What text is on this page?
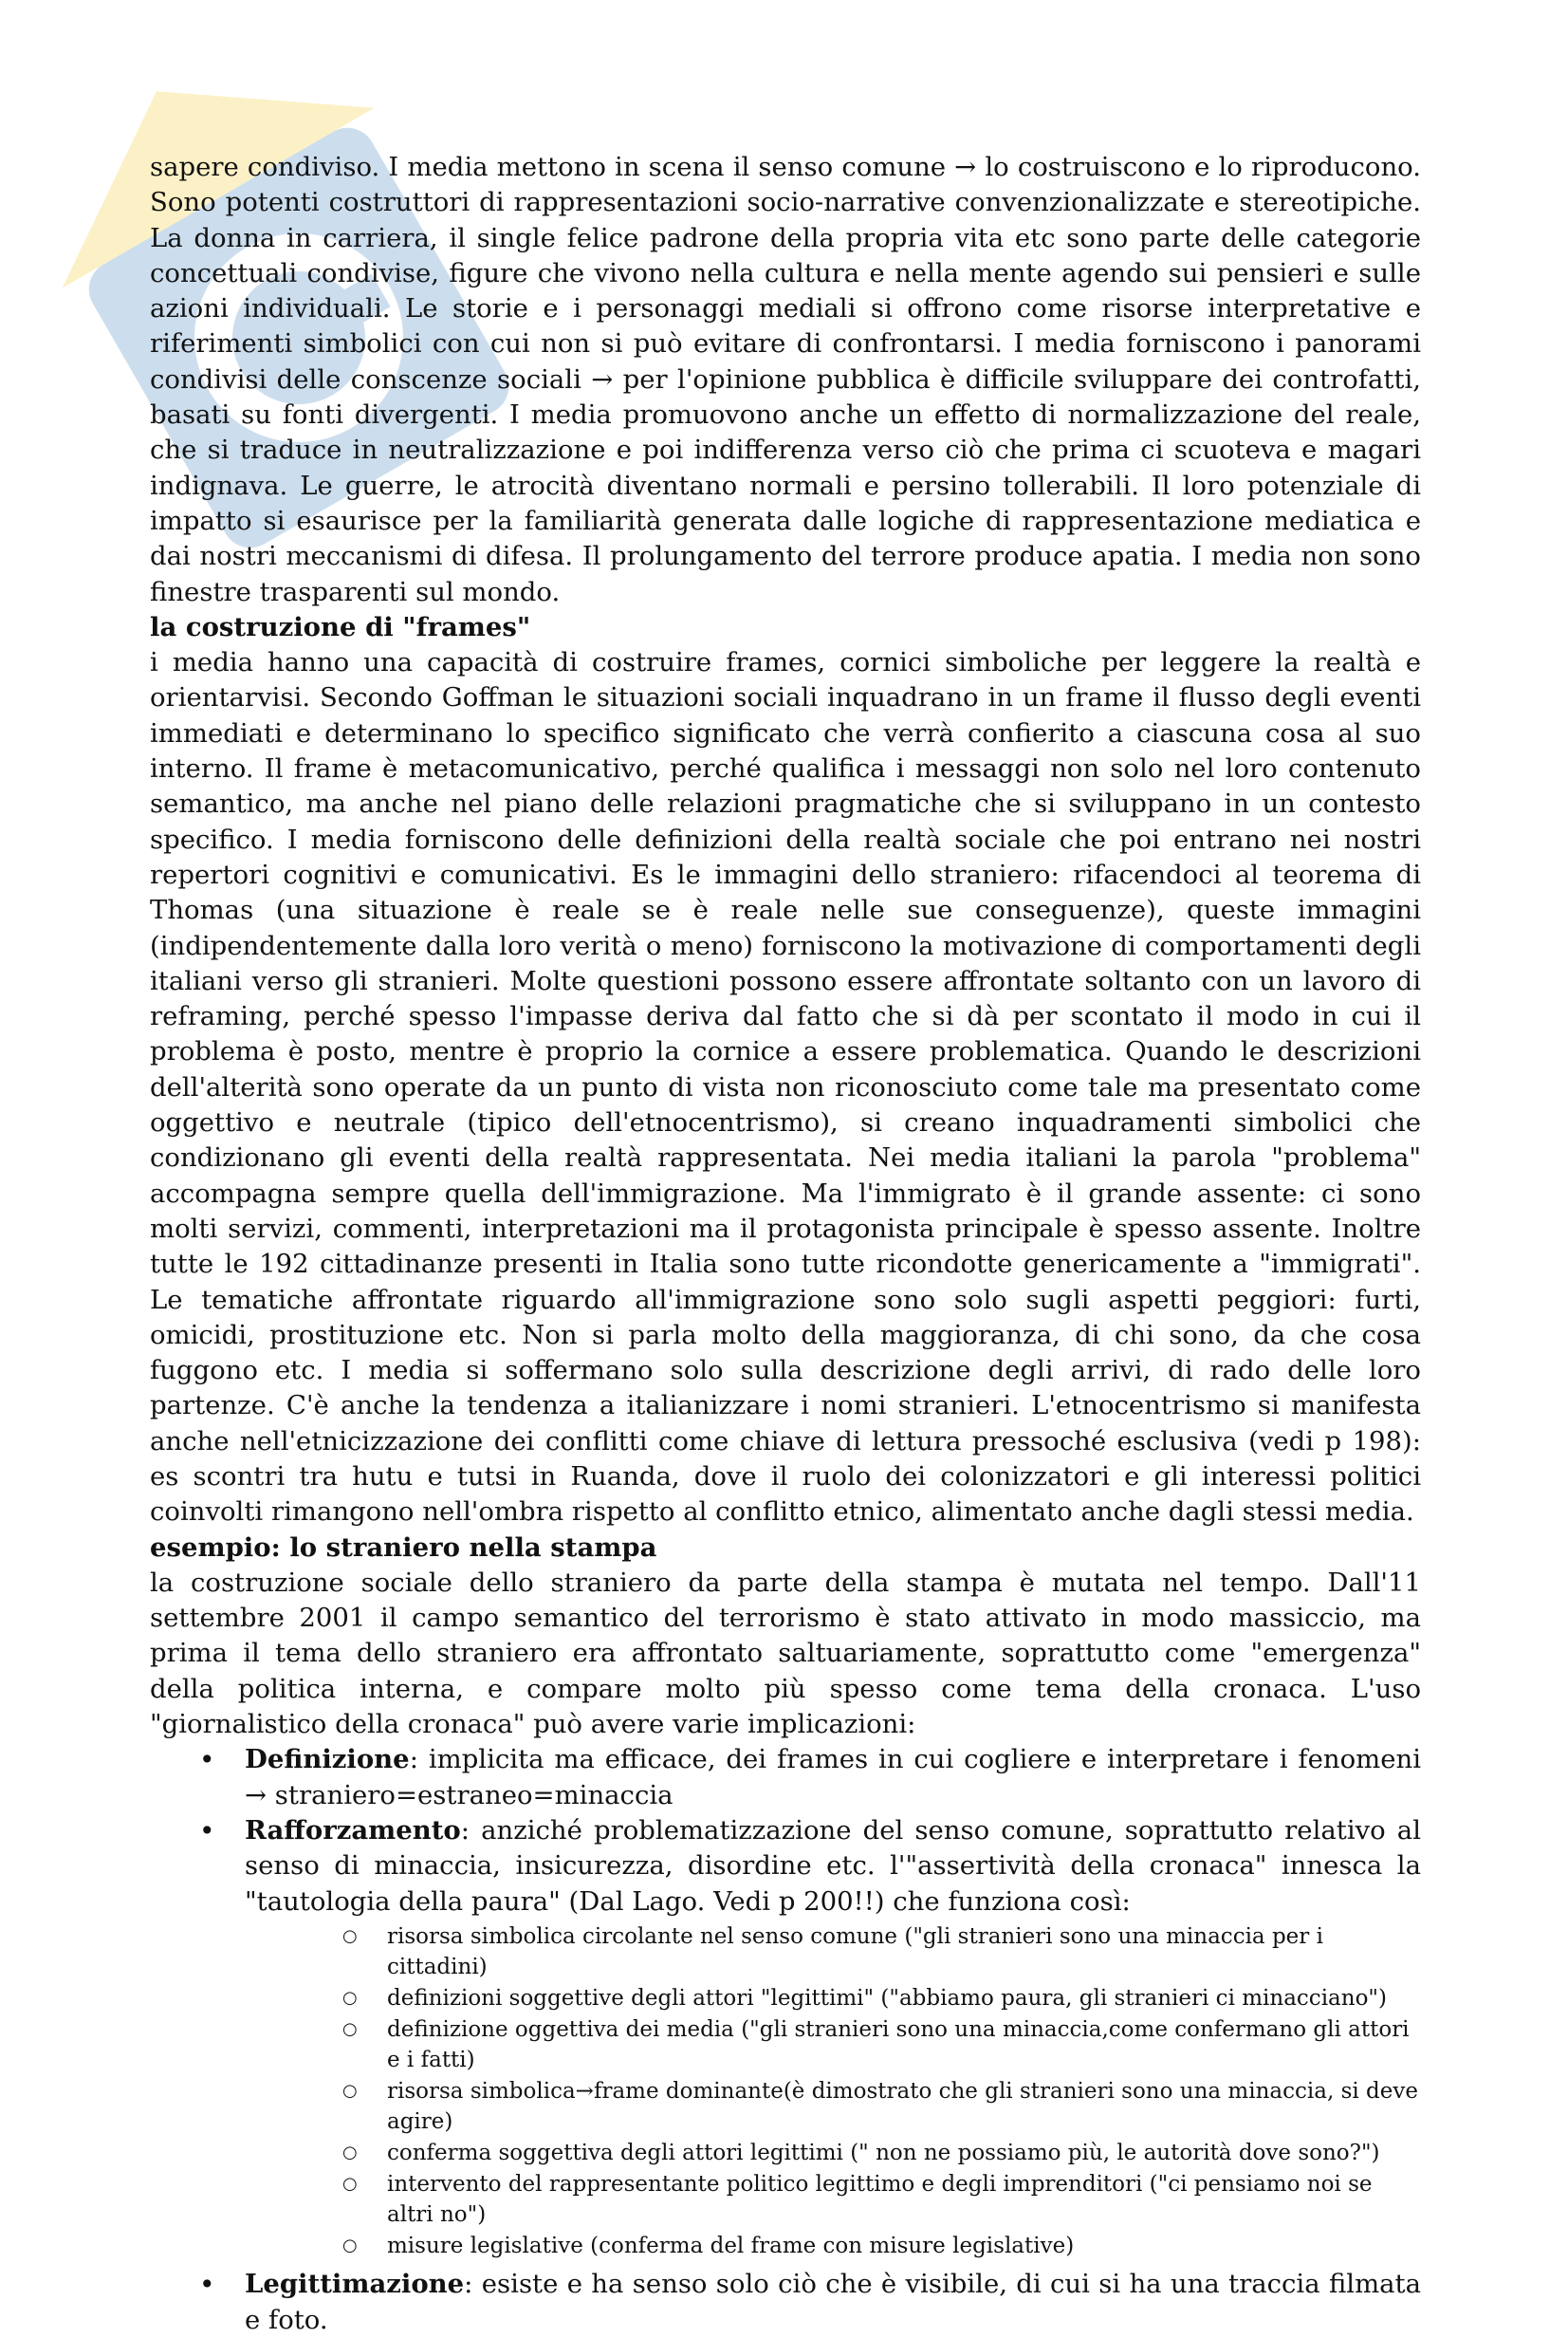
sapere condiviso. I media mettono in scena il senso comune → lo costruiscono e lo riproducono. Sono potenti costruttori di rappresentazioni socio-narrative convenzionalizzate e stereotipiche. La donna in carriera, il single felice padrone della propria vita etc sono parte delle categorie concettuali condivise, figure che vivono nella cultura e nella mente agendo sui pensieri e sulle azioni individuali. Le storie e i personaggi mediali si offrono come risorse interpretative e riferimenti simbolici con cui non si può evitare di confrontarsi. I media forniscono i panorami condivisi delle conscenze sociali → per l'opinione pubblica è difficile sviluppare dei controfatti, basati su fonti divergenti. I media promuovono anche un effetto di normalizzazione del reale, che si traduce in neutralizzazione e poi indifferenza verso ciò che prima ci scuoteva e magari indignava. Le guerre, le atrocità diventano normali e persino tollerabili. Il loro potenziale di impatto si esaurisce per la familiarità generata dalle logiche di rappresentazione mediatica e dai nostri meccanismi di difesa. Il prolungamento del terrore produce apatia. I media non sono finestre trasparenti sul mondo.

la costruzione di "frames"

i media hanno una capacità di costruire frames, cornici simboliche per leggere la realtà e orientarvisi. Secondo Goffman le situazioni sociali inquadrano in un frame il flusso degli eventi immediati e determinano lo specifico significato che verrà confierito a ciascuna cosa al suo interno. Il frame è metacomunicativo, perché qualifica i messaggi non solo nel loro contenuto semantico, ma anche nel piano delle relazioni pragmatiche che si sviluppano in un contesto specifico. I media forniscono delle definizioni della realtà sociale che poi entrano nei nostri repertori cognitivi e comunicativi. Es le immagini dello straniero: rifacendoci al teorema di Thomas (una situazione è reale se è reale nelle sue conseguenze), queste immagini (indipendentemente dalla loro verità o meno) forniscono la motivazione di comportamenti degli italiani verso gli stranieri. Molte questioni possono essere affrontate soltanto con un lavoro di reframing, perché spesso l'impasse deriva dal fatto che si dà per scontato il modo in cui il problema è posto, mentre è proprio la cornice a essere problematica. Quando le descrizioni dell'alterità sono operate da un punto di vista non riconosciuto come tale ma presentato come oggettivo e neutrale (tipico dell'etnocentrismo), si creano inquadramenti simbolici che condizionano gli eventi della realtà rappresentata. Nei media italiani la parola "problema" accompagna sempre quella dell'immigrazione. Ma l'immigrato è il grande assente: ci sono molti servizi, commenti, interpretazioni ma il protagonista principale è spesso assente. Inoltre tutte le 192 cittadinanze presenti in Italia sono tutte ricondotte genericamente a "immigrati". Le tematiche affrontate riguardo all'immigrazione sono solo sugli aspetti peggiori: furti, omicidi, prostituzione etc. Non si parla molto della maggioranza, di chi sono, da che cosa fuggono etc. I media si soffermano solo sulla descrizione degli arrivi, di rado delle loro partenze. C'è anche la tendenza a italianizzare i nomi stranieri. L'etnocentrismo si manifesta anche nell'etnicizzazione dei conflitti come chiave di lettura pressoché esclusiva (vedi p 198): es scontri tra hutu e tutsi in Ruanda, dove il ruolo dei colonizzatori e gli interessi politici coinvolti rimangono nell'ombra rispetto al conflitto etnico, alimentato anche dagli stessi media.

esempio: lo straniero nella stampa

la costruzione sociale dello straniero da parte della stampa è mutata nel tempo. Dall'11 settembre 2001 il campo semantico del terrorismo è stato attivato in modo massiccio, ma prima il tema dello straniero era affrontato saltuariamente, soprattutto come "emergenza" della politica interna, e compare molto più spesso come tema della cronaca. L'uso "giornalistico della cronaca" può avere varie implicazioni:

• Definizione: implicita ma efficace, dei frames in cui cogliere e interpretare i fenomeni → straniero=estraneo=minaccia
• Rafforzamento: anziché problematizzazione del senso comune, soprattutto relativo al senso di minaccia, insicurezza, disordine etc. l'"assertività della cronaca" innesca la "tautologia della paura" (Dal Lago. Vedi p 200!!) che funziona così:
○ risorsa simbolica circolante nel senso comune ("gli stranieri sono una minaccia per i cittadini)
○ definizioni soggettive degli attori "legittimi" ("abbiamo paura, gli stranieri ci minacciano")
○ definizione oggettiva dei media ("gli stranieri sono una minaccia,come confermano gli attori e i fatti)
○ risorsa simbolica→frame dominante(è dimostrato che gli stranieri sono una minaccia, si deve agire)
○ conferma soggettiva degli attori legittimi (" non ne possiamo più, le autorità dove sono?")
○ intervento del rappresentante politico legittimo e degli imprenditori ("ci pensiamo noi se altri no")
○ misure legislative (conferma del frame con misure legislative)
• Legittimazione: esiste e ha senso solo ciò che è visibile, di cui si ha una traccia filmata e foto.
